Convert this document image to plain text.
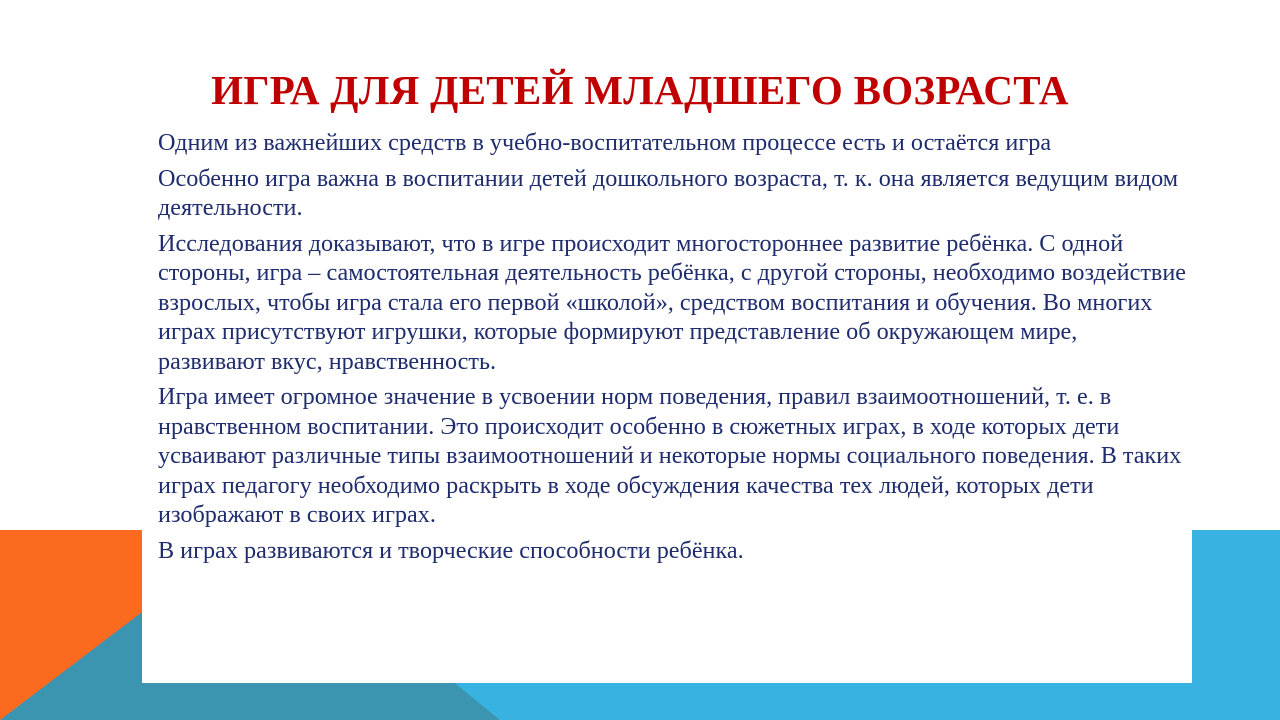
ИГРА ДЛЯ ДЕТЕЙ МЛАДШЕГО ВОЗРАСТА

Одним из важнейших средств в учебно-воспитательном процессе есть и остаётся игра

Особенно игра важна в воспитании детей дошкольного возраста, т. к. она является ведущим видом деятельности.

Исследования доказывают, что в игре происходит многостороннее развитие ребёнка. С одной стороны, игра – самостоятельная деятельность ребёнка, с другой стороны, необходимо воздействие взрослых, чтобы игра стала его первой «школой», средством воспитания и обучения. Во многих играх присутствуют игрушки, которые формируют представление об окружающем мире, развивают вкус, нравственность.

Игра имеет огромное значение в усвоении норм поведения, правил взаимоотношений, т. е. в нравственном воспитании. Это происходит особенно в сюжетных играх, в ходе которых дети усваивают различные типы взаимоотношений и некоторые нормы социального поведения. В таких играх педагогу необходимо раскрыть в ходе обсуждения качества тех людей, которых дети изображают в своих играх.

В играх развиваются и творческие способности ребёнка.
